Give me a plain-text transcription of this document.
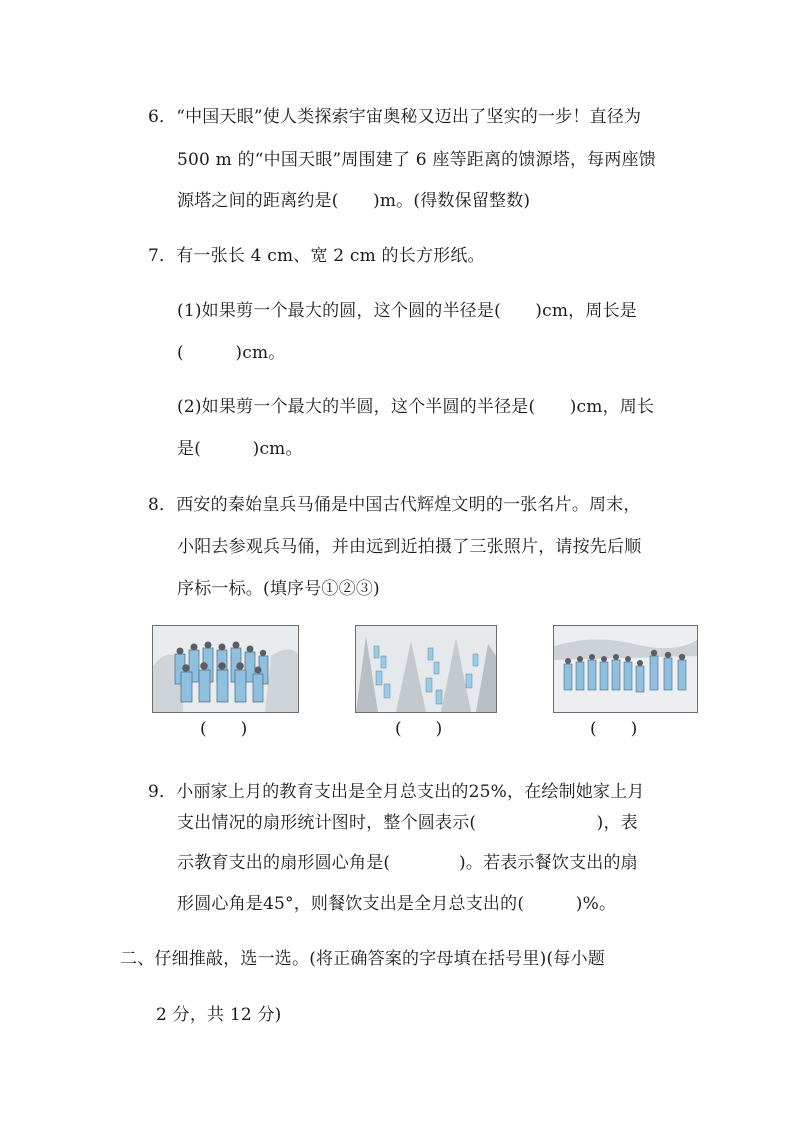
6．“中国天眼”使人类探索宇宙奥秘又迈出了坚实的一步！直径为
500 m 的“中国天眼”周围建了 6 座等距离的馈源塔，每两座馈
源塔之间的距离约是(　　)m。(得数保留整数)
7．有一张长 4 cm、宽 2 cm 的长方形纸。
(1)如果剪一个最大的圆，这个圆的半径是(　　)cm，周长是
(　　　)cm。
(2)如果剪一个最大的半圆，这个半圆的半径是(　　)cm，周长
是(　　　)cm。
8．西安的秦始皇兵马俑是中国古代辉煌文明的一张名片。周末，
小阳去参观兵马俑，并由远到近拍摄了三张照片，请按先后顺
序标一标。(填序号①②③)
(　　)	(　　)	(　　)
9．小丽家上月的教育支出是全月总支出的25%，在绘制她家上月
支出情况的扇形统计图时，整个圆表示(　　　　　　　)，表
示教育支出的扇形圆心角是(　　　　)。若表示餐饮支出的扇
形圆心角是45°，则餐饮支出是全月总支出的(　　　)%。
二、仔细推敲，选一选。(将正确答案的字母填在括号里)(每小题
2 分，共 12 分)
